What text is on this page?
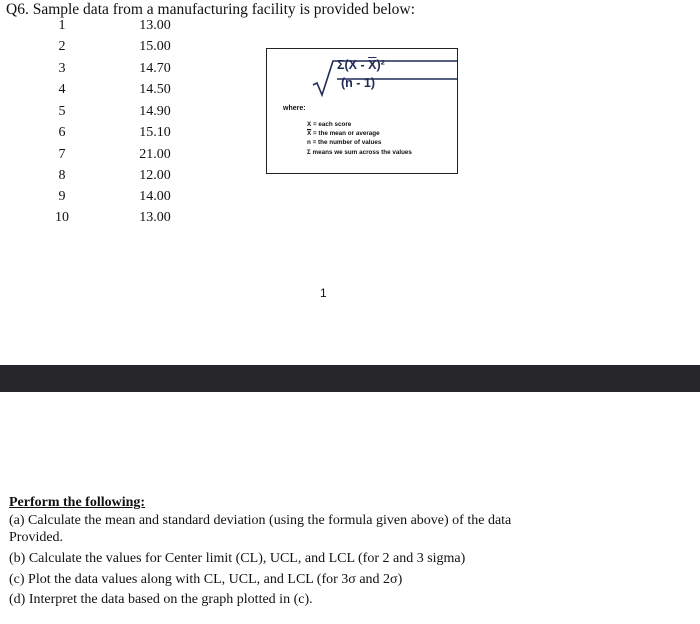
Q6. Sample data from a manufacturing facility is provided below:
1	13.00
2	15.00
3	14.70
4	14.50
5	14.90
6	15.10
7	21.00
8	12.00
9	14.00
10	13.00
$\Sigma(X - \overline{X})^2$
(n - 1)
where:
X = each score
$\overline{X}$ = the mean or average
n = the number of values
Σ means we sum across the values
1
Perform the following:
(a) Calculate the mean and standard deviation (using the formula given above) of the data
Provided.
(b) Calculate the values for Center limit (CL), UCL, and LCL (for 2 and 3 sigma)
(c) Plot the data values along with CL, UCL, and LCL (for 3σ and 2σ)
(d) Interpret the data based on the graph plotted in (c).
